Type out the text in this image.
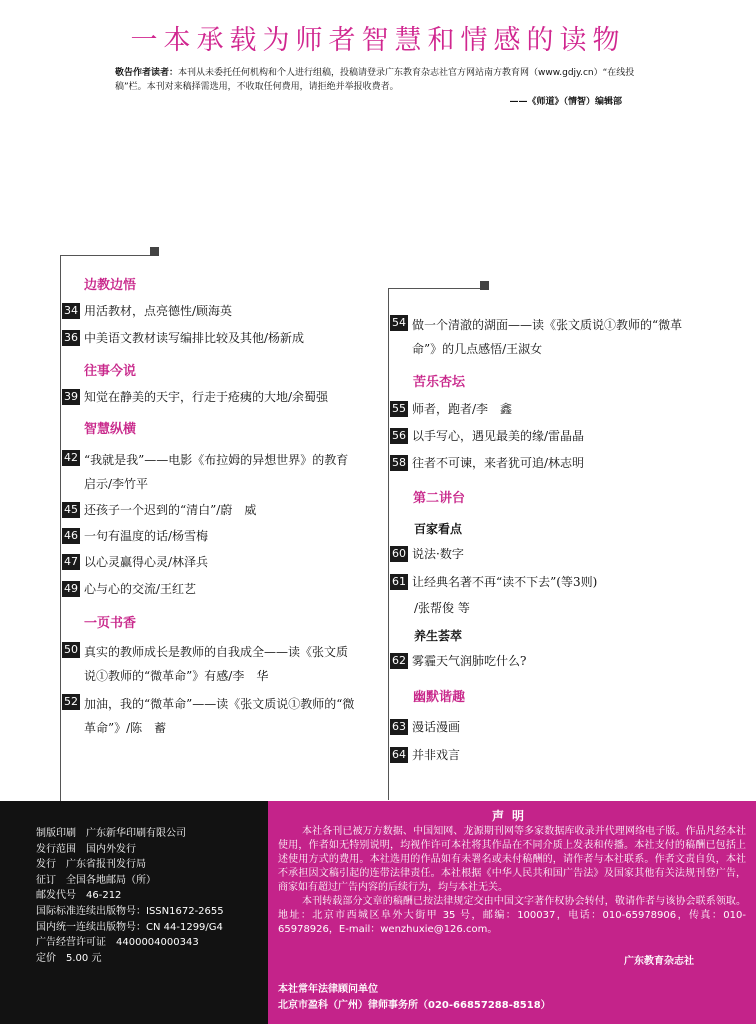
一本承载为师者智慧和情感的读物
敬告作者读者：本刊从未委托任何机构和个人进行组稿，投稿请登录广东教育杂志社官方网站南方教育网（www.gdjy.cn）“在线投稿”栏。本刊对来稿择需选用，不收取任何费用，请拒绝并举报收费者。
——《师道》（情智）编辑部
边教边悟
34 用活教材，点亮德性/顾海英
36 中美语文教材读写编排比较及其他/杨新成
往事今说
39 知觉在静美的天宇，行走于疮痍的大地/余蜀强
智慧纵横
42 “我就是我”——电影《布拉姆的异想世界》的教育启示/李竹平
45 还孩子一个迟到的“清白”/蔚　威
46 一句有温度的话/杨雪梅
47 以心灵赢得心灵/林泽兵
49 心与心的交流/王红艺
一页书香
50 真实的教师成长是教师的自我成全——读《张文质说①教师的“微革命”》有感/李　华
52 加油，我的“微革命”——读《张文质说①教师的“微革命”》/陈　蓄
54 做一个清澈的湖面——读《张文质说①教师的“微革命”》的几点感悟/王淑女
苦乐杏坛
55 师者，跑者/李　鑫
56 以手写心，遇见最美的缘/雷晶晶
58 往者不可谏，来者犹可追/林志明
第二讲台
百家看点
60 说法·数字
61 让经典名著不再“读不下去”(等3则)
/张帮俊 等
养生荟萃
62 雾霾天气润肺吃什么?
幽默谐趣
63 漫话漫画
64 并非戏言
制版印刷　广东新华印刷有限公司
发行范围　国内外发行
发行　广东省报刊发行局
征订　全国各地邮局（所）
邮发代号　46-212
国际标准连续出版物号：ISSN1672-2655
国内统一连续出版物号：CN 44-1299/G4
广告经营许可证　4400004000343
定价　5.00 元
声明

本社各刊已被万方数据、中国知网、龙源期刊网等多家数据库收录并代理网络电子版。作品凡经本社使用，作者如无特别说明，均视作许可本社将其作品在不同介质上发表和传播。本社支付的稿酬已包括上述使用方式的费用。本社选用的作品如有未署名或未付稿酬的，请作者与本社联系。作者文责自负，本社不承担因文稿引起的连带法律责任。本社根据《中华人民共和国广告法》及国家其他有关法规刊登广告，商家如有超过广告内容的后续行为，均与本社无关。

本刊转载部分文章的稿酬已按法律规定交由中国文字著作权协会转付，敬请作者与该协会联系领取。地址：北京市西城区阜外大街甲 35 号，邮编：100037，电话：010-65978906，传真：010-65978926，E-mail：wenzhuxie@126.com。

广东教育杂志社
本社常年法律顾问单位
北京市盈科（广州）律师事务所（020-66857288-8518）
